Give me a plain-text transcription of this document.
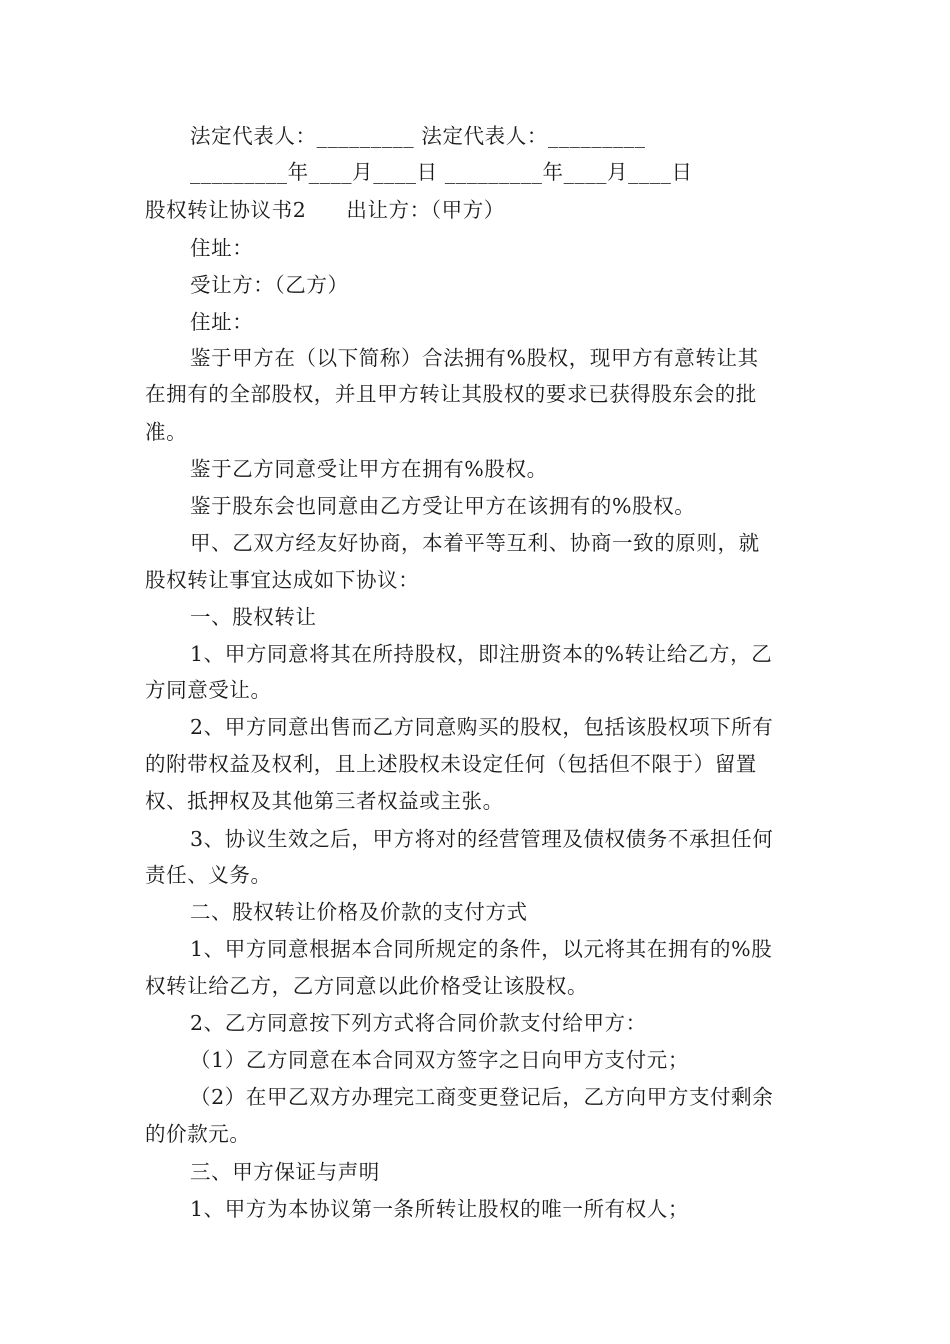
法定代表人：_________ 法定代表人：_________
_________年____月____日 _________年____月____日
股权转让协议书2 出让方：（甲方）
住址：
受让方：（乙方）
住址：
鉴于甲方在（以下简称）合法拥有%股权，现甲方有意转让其
在拥有的全部股权，并且甲方转让其股权的要求已获得股东会的批
准。
鉴于乙方同意受让甲方在拥有%股权。
鉴于股东会也同意由乙方受让甲方在该拥有的%股权。
甲、乙双方经友好协商，本着平等互利、协商一致的原则，就
股权转让事宜达成如下协议：
一、股权转让
1、甲方同意将其在所持股权，即注册资本的%转让给乙方，乙
方同意受让。
2、甲方同意出售而乙方同意购买的股权，包括该股权项下所有
的附带权益及权利，且上述股权未设定任何（包括但不限于）留置
权、抵押权及其他第三者权益或主张。
3、协议生效之后，甲方将对的经营管理及债权债务不承担任何
责任、义务。
二、股权转让价格及价款的支付方式
1、甲方同意根据本合同所规定的条件，以元将其在拥有的%股
权转让给乙方，乙方同意以此价格受让该股权。
2、乙方同意按下列方式将合同价款支付给甲方：
（1）乙方同意在本合同双方签字之日向甲方支付元；
（2）在甲乙双方办理完工商变更登记后，乙方向甲方支付剩余
的价款元。
三、甲方保证与声明
1、甲方为本协议第一条所转让股权的唯一所有权人；
